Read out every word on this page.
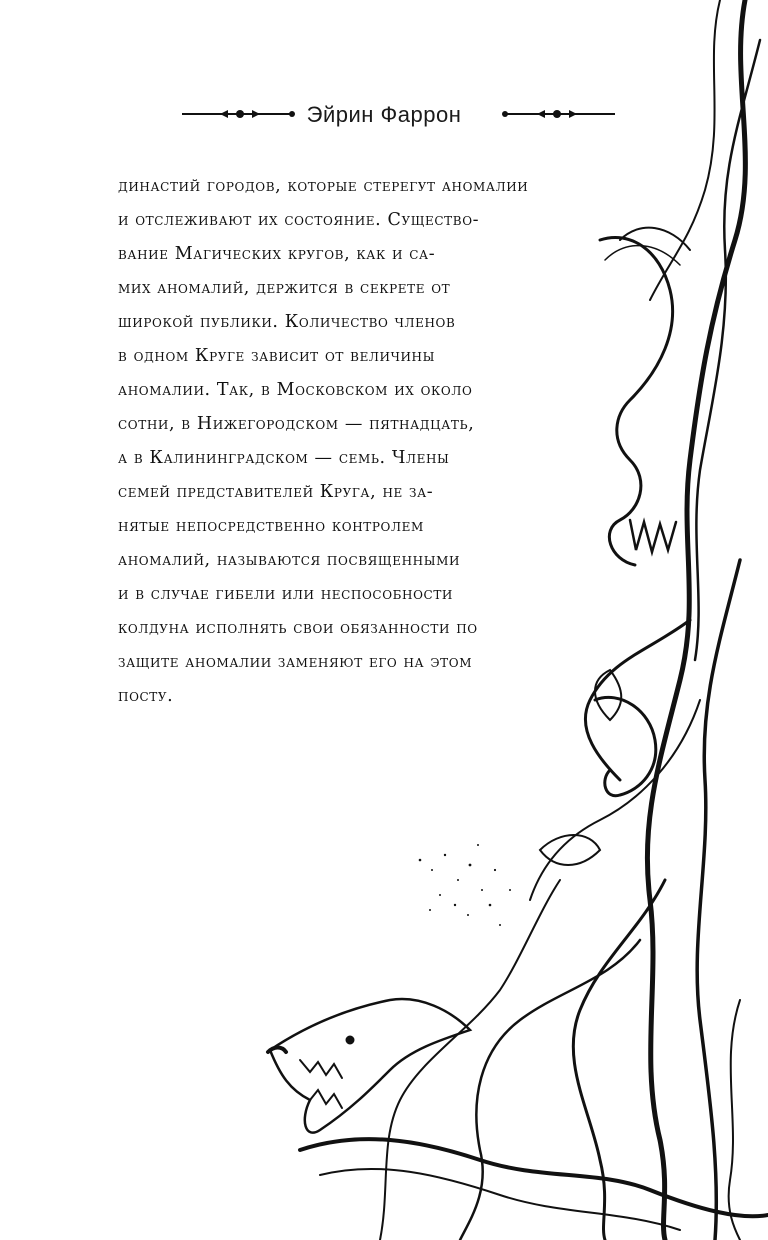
Эйрин Фаррон
династий городов, которые стерегут аномалии
и отслеживают их состояние. Существо-
вание Магических кругов, как и са-
мих аномалий, держится в секрете от
широкой публики. Количество членов
в одном Круге зависит от величины
аномалии. Так, в Московском их около
сотни, в Нижегородском — пятнадцать,
а в Калининградском — семь. Члены
семей представителей Круга, не за-
нятые непосредственно контролем
аномалий, называются посвященными
и в случае гибели или неспособности
колдуна исполнять свои обязанности по
защите аномалии заменяют его на этом
посту.
